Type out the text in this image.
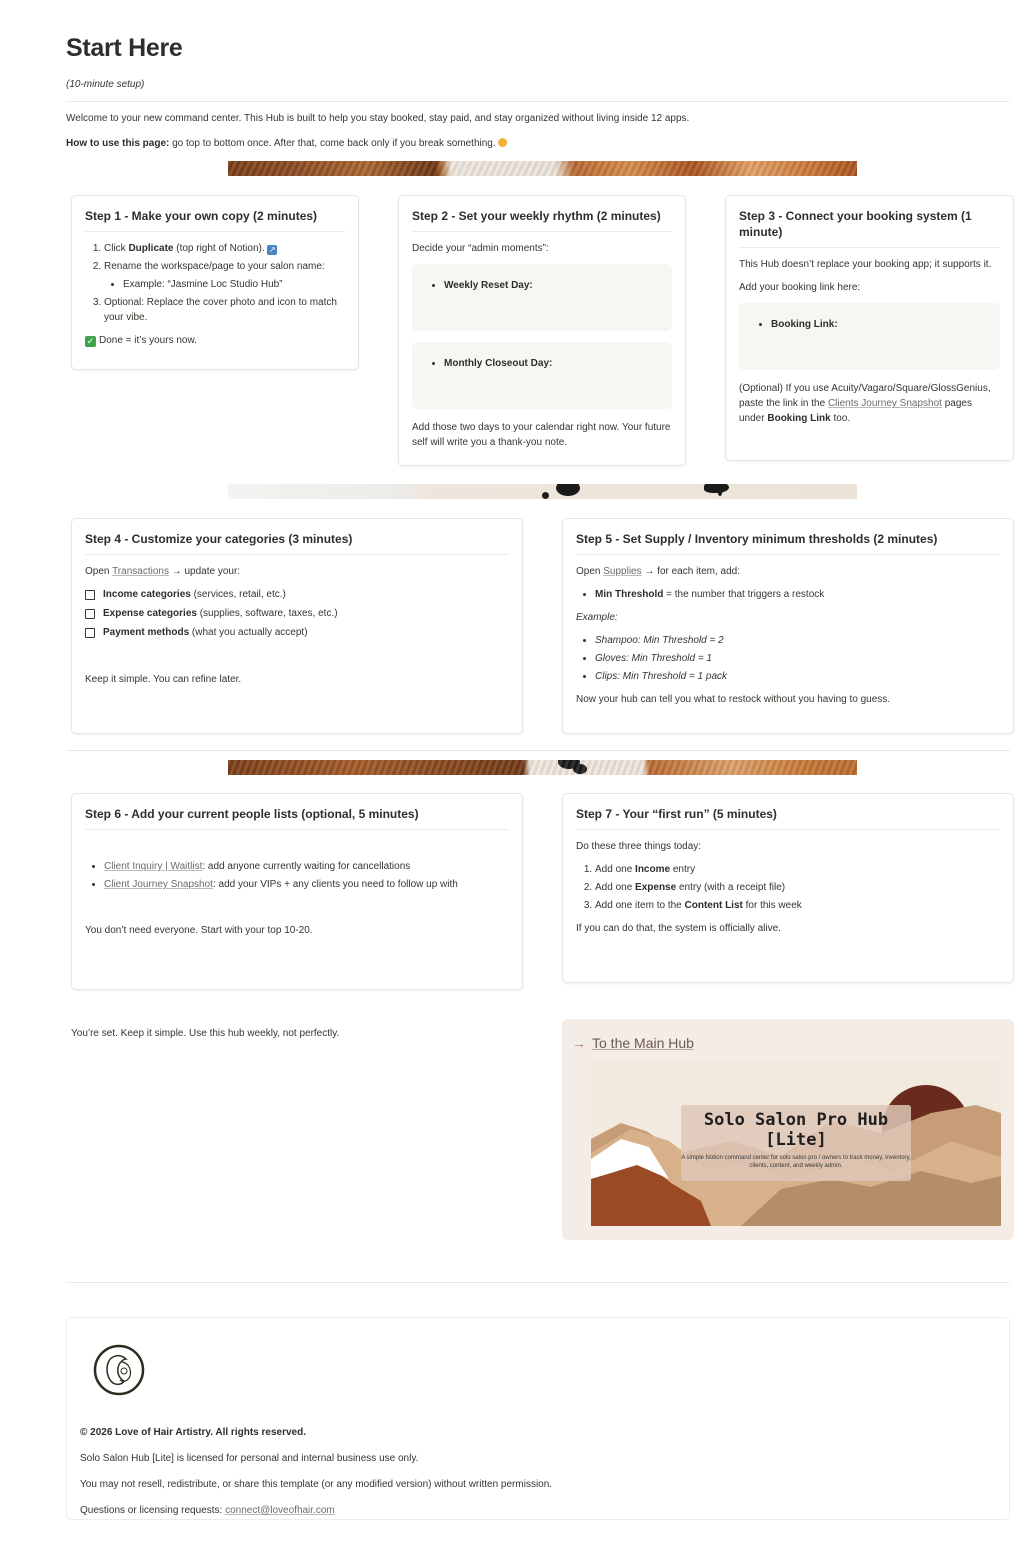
Start Here
(10-minute setup)
Welcome to your new command center. This Hub is built to help you stay booked, stay paid, and stay organized without living inside 12 apps.
How to use this page: go top to bottom once. After that, come back only if you break something.
Step 1 - Make your own copy (2 minutes)
1. Click Duplicate (top right of Notion). ↗
2. Rename the workspace/page to your salon name:
• Example: “Jasmine Loc Studio Hub”
3. Optional: Replace the cover photo and icon to match your vibe.

✓ Done = it’s yours now.

Step 2 - Set your weekly rhythm (2 minutes)

Decide your “admin moments”:

• Weekly Reset Day:
• Monthly Closeout Day:

Add those two days to your calendar right now. Your future self will write you a thank-you note.

Step 3 - Connect your booking system (1 minute)

This Hub doesn’t replace your booking app; it supports it.

Add your booking link here:

• Booking Link:

(Optional) If you use Acuity/Vagaro/Square/GlossGenius, paste the link in the Clients Journey Snapshot pages under Booking Link too.

Step 4 - Customize your categories (3 minutes)

Open Transactions → update your:

Income categories (services, retail, etc.)
Expense categories (supplies, software, taxes, etc.)
Payment methods (what you actually accept)

Keep it simple. You can refine later.

Step 5 - Set Supply / Inventory minimum thresholds (2 minutes)

Open Supplies → for each item, add:

• Min Threshold = the number that triggers a restock

Example:

• Shampoo: Min Threshold = 2
• Gloves: Min Threshold = 1
• Clips: Min Threshold = 1 pack

Now your hub can tell you what to restock without you having to guess.

Step 6 - Add your current people lists (optional, 5 minutes)
• Client Inquiry | Waitlist: add anyone currently waiting for cancellations
• Client Journey Snapshot: add your VIPs + any clients you need to follow up with

You don’t need everyone. Start with your top 10-20.

Step 7 - Your “first run” (5 minutes)

Do these three things today:

1. Add one Income entry
2. Add one Expense entry (with a receipt file)
3. Add one item to the Content List for this week

If you can do that, the system is officially alive.

You’re set. Keep it simple. Use this hub weekly, not perfectly.
→ To the Main Hub
Solo Salon Pro Hub [Lite]
A simple Notion command center for solo salon pro / owners to track money, inventory, clients, content, and weekly admin.

© 2026 Love of Hair Artistry. All rights reserved.

Solo Salon Hub [Lite] is licensed for personal and internal business use only.

You may not resell, redistribute, or share this template (or any modified version) without written permission.

Questions or licensing requests: connect@loveofhair.com
